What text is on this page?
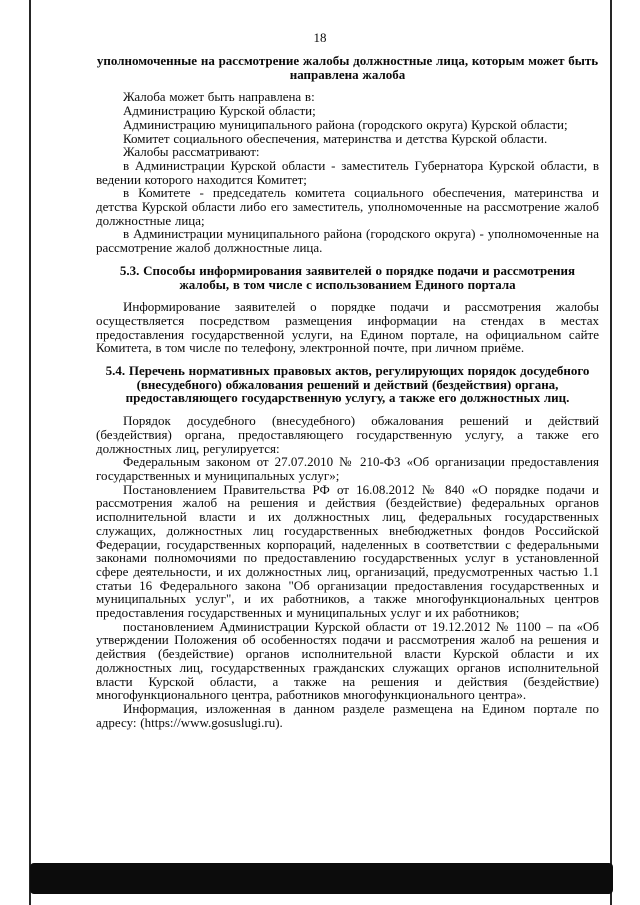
18
уполномоченные на рассмотрение жалобы должностные лица, которым может быть направлена жалоба

Жалоба может быть направлена в:

Администрацию Курской области;

Администрацию муниципального района (городского округа) Курской области;

Комитет социального обеспечения, материнства и детства Курской области.

Жалобы рассматривают:

в Администрации Курской области - заместитель Губернатора Курской области, в ведении которого находится Комитет;

в Комитете - председатель комитета социального обеспечения, материнства и детства Курской области либо его заместитель, уполномоченные на рассмотрение жалоб должностные лица;

в Администрации муниципального района (городского округа) - уполномоченные на рассмотрение жалоб должностные лица.

5.3. Способы информирования заявителей о порядке подачи и рассмотрения жалобы, в том числе с использованием Единого портала

Информирование заявителей о порядке подачи и рассмотрения жалобы осуществляется посредством размещения информации на стендах в местах предоставления государственной услуги, на Едином портале, на официальном сайте Комитета, в том числе по телефону, электронной почте, при личном приёме.

5.4. Перечень нормативных правовых актов, регулирующих порядок досудебного (внесудебного) обжалования решений и действий (бездействия) органа, предоставляющего государственную услугу, а также его должностных лиц.

Порядок досудебного (внесудебного) обжалования решений и действий (бездействия) органа, предоставляющего государственную услугу, а также его должностных лиц, регулируется:

Федеральным законом от 27.07.2010 № 210-ФЗ «Об организации предоставления государственных и муниципальных услуг»;

Постановлением Правительства РФ от 16.08.2012 № 840 «О порядке подачи и рассмотрения жалоб на решения и действия (бездействие) федеральных органов исполнительной власти и их должностных лиц, федеральных государственных служащих, должностных лиц государственных внебюджетных фондов Российской Федерации, государственных корпораций, наделенных в соответствии с федеральными законами полномочиями по предоставлению государственных услуг в установленной сфере деятельности, и их должностных лиц, организаций, предусмотренных частью 1.1 статьи 16 Федерального закона "Об организации предоставления государственных и муниципальных услуг", и их работников, а также многофункциональных центров предоставления государственных и муниципальных услуг и их работников;

постановлением Администрации Курской области от 19.12.2012 № 1100 – па «Об утверждении Положения об особенностях подачи и рассмотрения жалоб на решения и действия (бездействие) органов исполнительной власти Курской области и их должностных лиц, государственных гражданских служащих органов исполнительной власти Курской области, а также на решения и действия (бездействие) многофункционального центра, работников многофункционального центра».

Информация, изложенная в данном разделе размещена на Едином портале по адресу: (https://www.gosuslugi.ru).
